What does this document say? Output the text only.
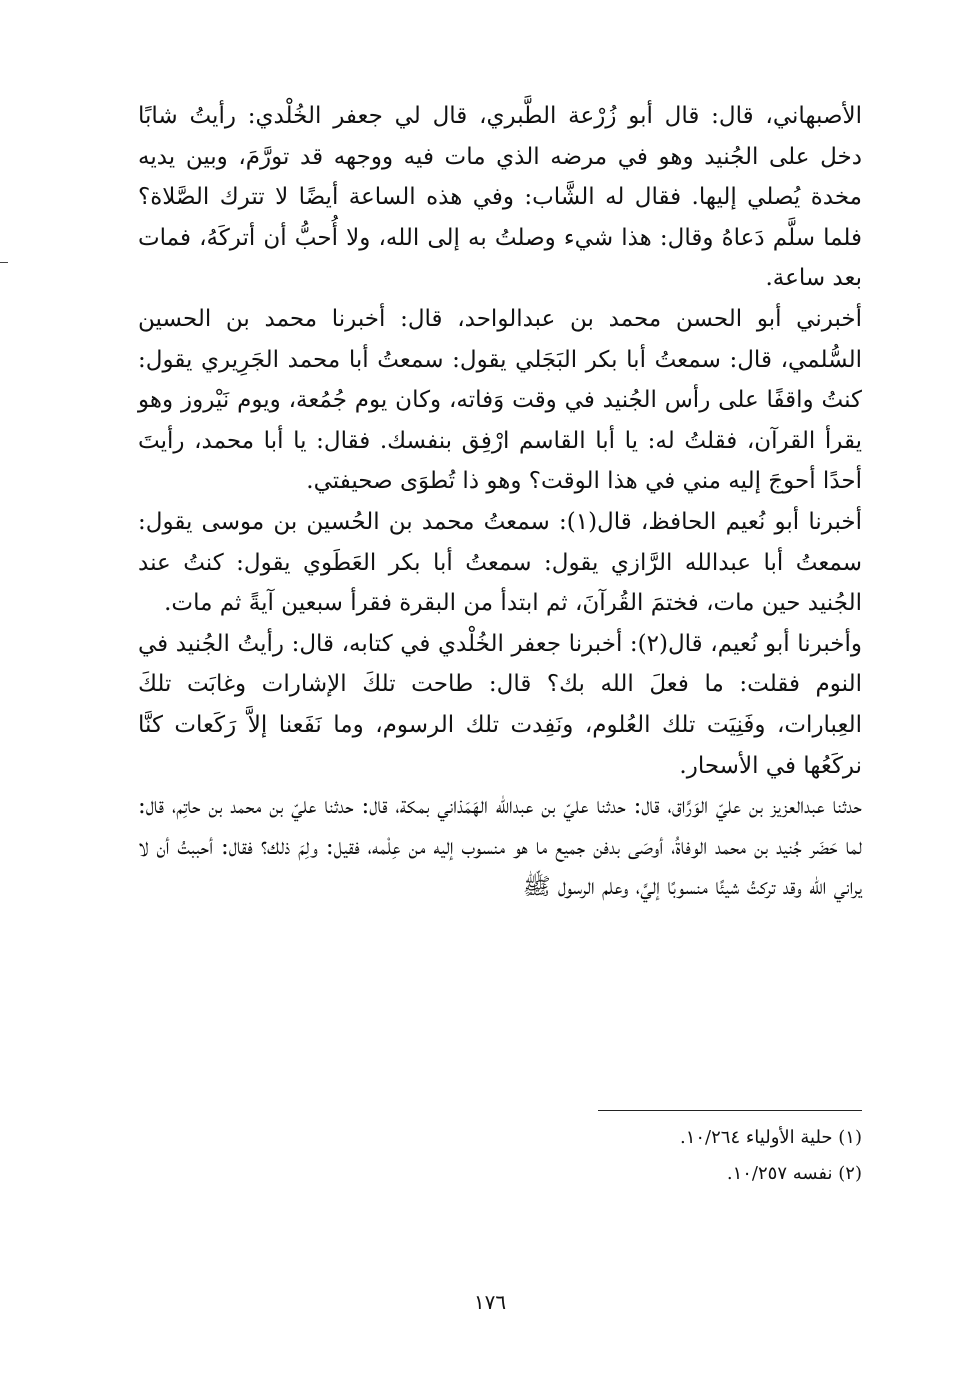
الأصبهاني، قال: قال أبو زُرْعة الطَّبري، قال لي جعفر الخُلْدي: رأيتُ شابًا دخل على الجُنيد وهو في مرضه الذي مات فيه ووجهه قد تورَّمَ، وبين يديه مخدة يُصلي إليها. فقال له الشَّاب: وفي هذه الساعة أيضًا لا تترك الصَّلاة؟ فلما سلَّم دَعاهُ وقال: هذا شيء وصلتُ به إلى الله، ولا أُحبُّ أن أتركَهُ، فمات بعد ساعة.

أخبرني أبو الحسن محمد بن عبدالواحد، قال: أخبرنا محمد بن الحسين السُّلمي، قال: سمعتُ أبا بكر البَجَلي يقول: سمعتُ أبا محمد الجَرِيري يقول: كنتُ واقفًا على رأس الجُنيد في وقت وَفاته، وكان يوم جُمُعة، ويوم نَيْروز وهو يقرأ القرآن، فقلتُ له: يا أبا القاسم ارْفِق بنفسك. فقال: يا أبا محمد، رأيتَ أحدًا أحوجَ إليه مني في هذا الوقت؟ وهو ذا تُطوَى صحيفتي.

أخبرنا أبو نُعيم الحافظ، قال(١): سمعتُ محمد بن الحُسين بن موسى يقول: سمعتُ أبا عبدالله الرَّازي يقول: سمعتُ أبا بكر العَطَوي يقول: كنتُ عند الجُنيد حين مات، فختمَ القُرآنَ، ثم ابتدأ من البقرة فقرأ سبعين آيةً ثم مات.

وأخبرنا أبو نُعيم، قال(٢): أخبرنا جعفر الخُلْدي في كتابه، قال: رأيتُ الجُنيد في النوم فقلت: ما فعلَ الله بك؟ قال: طاحت تلكَ الإشارات وغابَت تلكَ العِبارات، وفَنِيَت تلك العُلوم، ونَفِدت تلك الرسوم، وما نَفَعنا إلاَّ رَكَعات كنَّا نركَعُها في الأسحار.

حدثنا عبدالعزيز بن عليّ الوَرَّاق، قال: حدثنا عليّ بن عبدالله الهَمَذاني بمكة، قال: حدثنا عليّ بن محمد بن حاتِم، قال: لما حَضَر جُنيد بن محمد الوفاةُ، أوصَى بدفن جميع ما هو منسوب إليه من عِلْمه، فقيل: ولِمَ ذلك؟ فقال: أحببتُ أن لا يراني الله وقد تركتُ شيئًا منسوبًا إليَّ، وعلم الرسول ﷺ

(١) حلية الأولياء ١٠/٢٦٤.
(٢) نفسه ١٠/٢٥٧.
١٧٦
